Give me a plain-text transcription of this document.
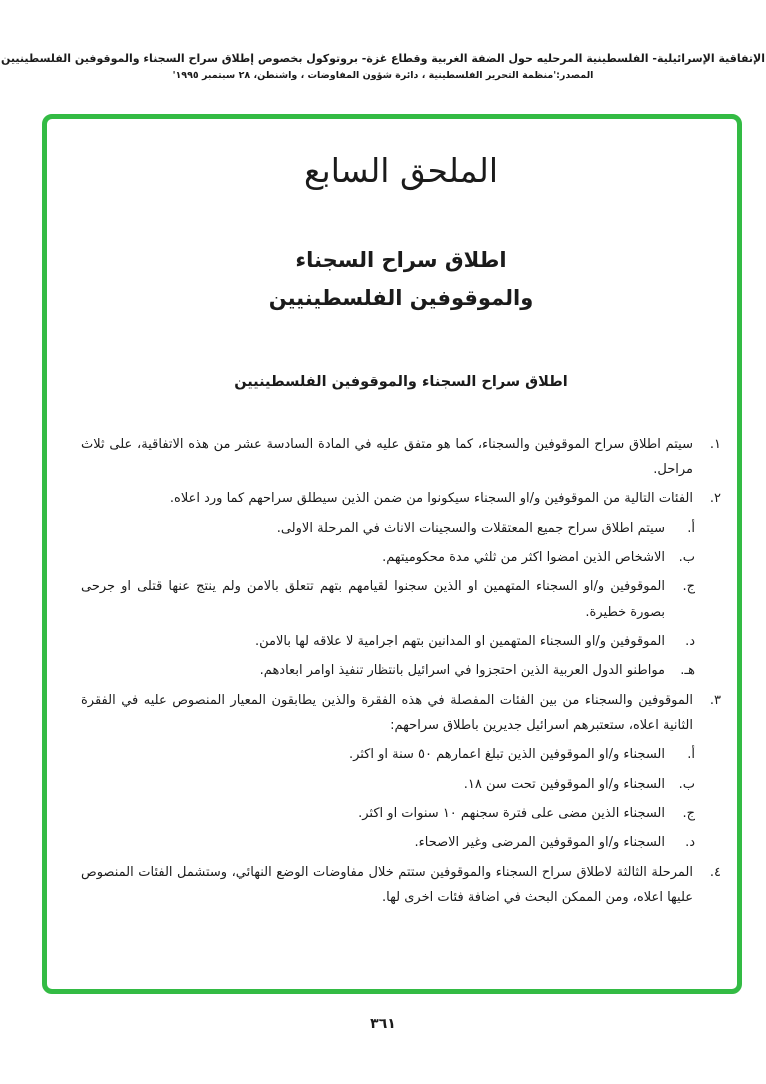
الإتفاقية الإسرائيلية- الفلسطينية المرحليه حول الضفة الغربية وقطاع غزة- بروتوكول بخصوص إطلاق سراح السجناء والموقوفين الفلسطينيين
المصدر:'منظمة التحرير الفلسطينية ، دائرة شؤون المفاوضات ، واشنطن، ٢٨ سبتمبر ١٩٩٥'
الملحق السابع
اطلاق سراح السجناء
والموقوفين الفلسطينيين
اطلاق سراح السجناء والموقوفين الفلسطينيين
١.
سيتم اطلاق سراح الموقوفين والسجناء، كما هو متفق عليه في المادة السادسة عشر من هذه الاتفاقية، على ثلاث مراحل.
٢.
الفئات التالية من الموقوفين و/او السجناء سيكونوا من ضمن الذين سيطلق سراحهم كما ورد اعلاه.
أ.
سيتم اطلاق سراح جميع المعتقلات والسجينات الاناث في المرحلة الاولى.
ب.
الاشخاص الذين امضوا اكثر من ثلثي مدة محكوميتهم.
ج.
الموقوفين و/او السجناء المتهمين او الذين سجنوا لقيامهم بتهم تتعلق بالامن ولم ينتج عنها قتلى او جرحى بصورة خطيرة.
د.
الموقوفين و/او السجناء المتهمين او المدانين بتهم اجرامية لا علاقه لها بالامن.
هـ.
مواطنو الدول العربية الذين احتجزوا في اسرائيل بانتظار تنفيذ اوامر ابعادهم.
٣.
الموقوفين والسجناء من بين الفئات المفصلة في هذه الفقرة والذين يطابقون المعيار المنصوص عليه في الفقرة الثانية اعلاه، ستعتبرهم اسرائيل جديرين باطلاق سراحهم:
أ.
السجناء و/او الموقوفين الذين تبلغ اعمارهم ٥٠ سنة او اكثر.
ب.
السجناء و/او الموقوفين تحت سن ١٨.
ج.
السجناء الذين مضى على فترة سجنهم ١٠ سنوات او اكثر.
د.
السجناء و/او الموقوفين المرضى وغير الاصحاء.
٤.
المرحلة الثالثة لاطلاق سراح السجناء والموقوفين ستتم خلال مفاوضات الوضع النهائي، وستشمل الفئات المنصوص عليها اعلاه، ومن الممكن البحث في اضافة فئات اخرى لها.
٣٦١
